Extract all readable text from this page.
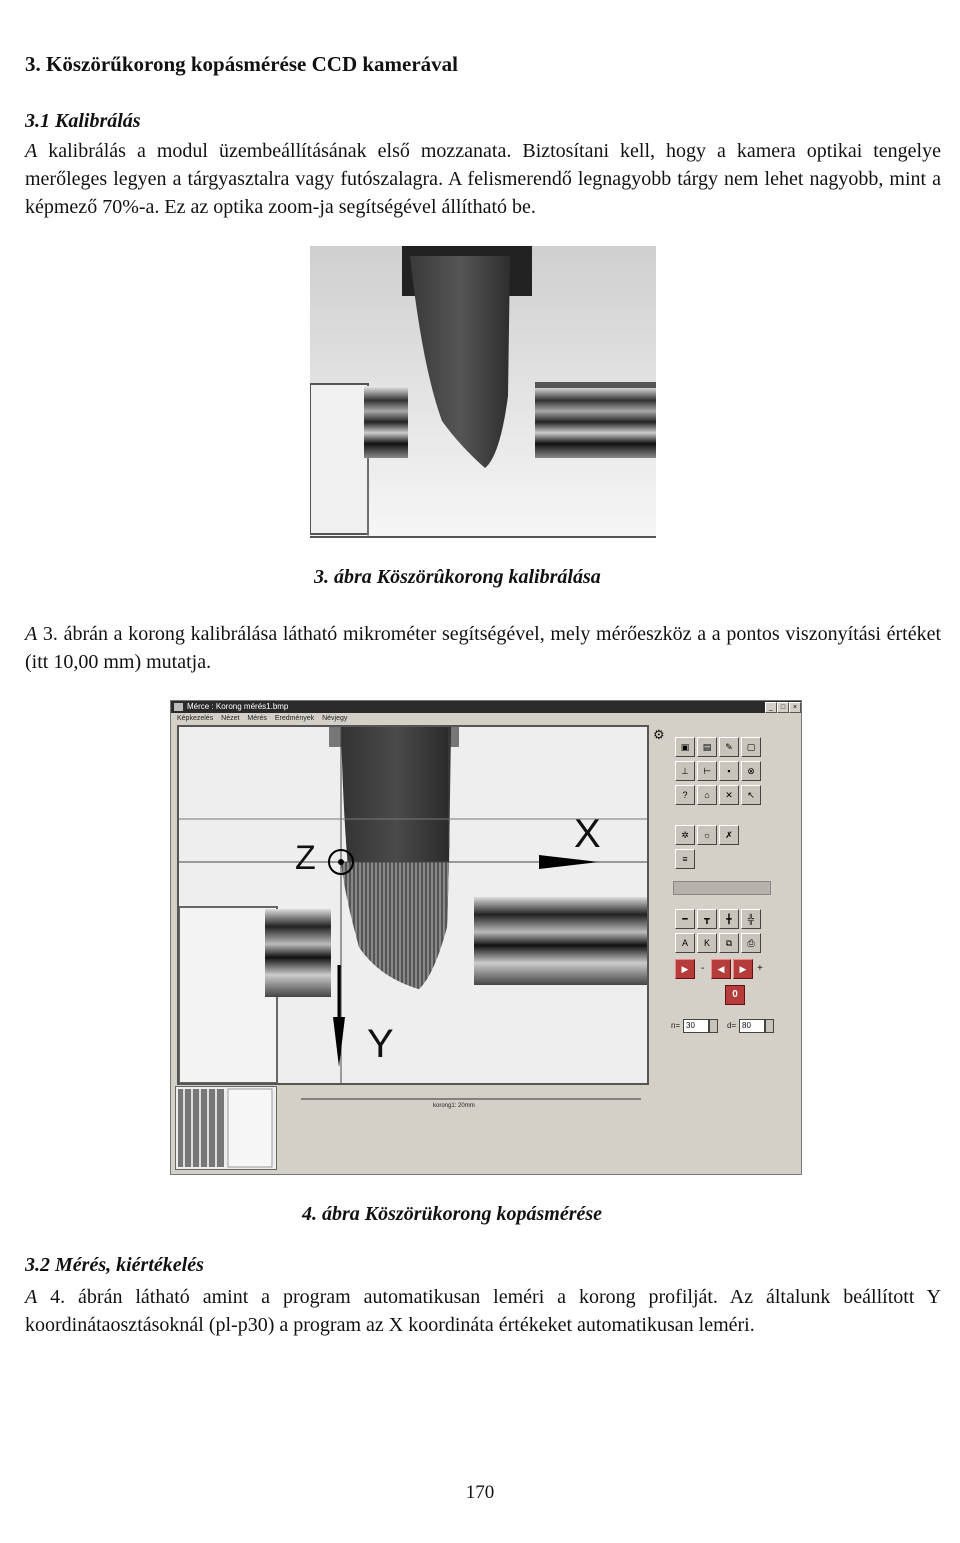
3. Köszörűkorong kopásmérése CCD kamerával
3.1 Kalibrálás
A kalibrálás a modul üzembeállításának első mozzanata. Biztosítani kell, hogy a kamera optikai tengelye merőleges legyen a tárgyasztalra vagy futószalagra. A felismerendő legnagyobb tárgy nem lehet nagyobb, mint a képmező 70%-a. Ez az optika zoom-ja segítségével állítható be.
3. ábra Köszörûkorong kalibrálása
A 3. ábrán a korong kalibrálása látható mikrométer segítségével, mely mérőeszköz a a pontos viszonyítási értéket (itt 10,00 mm) mutatja.
Mérce : Korong mérés1.bmp	_	□	×
Képkezelés Nézet Mérés Eredmények Névjegy
Z
X
Y
korong1: 20mm
⚙
▣	▤	✎	▢
⊥	⊢	▪	⊗
?	⌂	✕	↖
✲	☼	✗
≡
━	┳	╋	╬
A	K	⧉	⎙
▶	-	◀	▶	+
0
n= 30	d= 80
4. ábra Köszörükorong kopásmérése
3.2 Mérés, kiértékelés
A 4. ábrán látható amint a program automatikusan leméri a korong profilját. Az általunk beállított Y koordinátaosztásoknál (pl-p30) a program az X koordináta értékeket automatikusan leméri.
170
